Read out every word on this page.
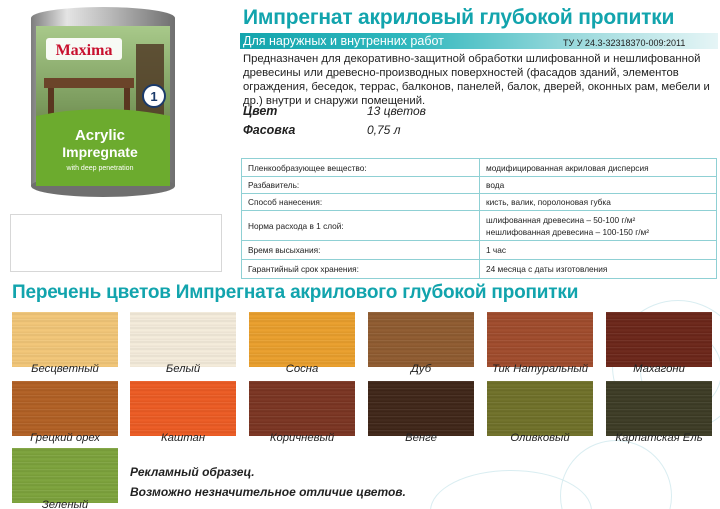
Maxima
1
Acrylic
Impregnate
with deep penetration
Импрегнат акриловый глубокой пропитки
Для наружных и внутренних работ	ТУ У 24.3-32318370-009:2011

Предназначен для декоративно-защитной обработки шлифованной и нешлифованной древесины или древесно-производных поверхностей (фасадов зданий, элементов ограждения, беседок, террас, балконов, панелей, балок, дверей, оконных рам, мебели и др.) внутри и снаружи помещений.

Цвет	13 цветов
Фасовка	0,75 л
Пленкообразующее вещество:	модифицированная акриловая дисперсия
Разбавитель:	вода
Способ нанесения:	кисть, валик, поролоновая губка
Норма расхода в 1 слой:	шлифованная древесина – 50-100 г/м²
нешлифованная древесина – 100-150 г/м²

Время высыхания:	1 час
Гарантийный срок хранения:	24 месяца с даты изготовления
Перечень цветов Импрегната акрилового глубокой пропитки
Бесцветный	Белый	Сосна	Дуб	Тик Натуральный	Махагони
Грецкий орех	Каштан	Коричневый	Венге	Оливковый	Карпатская Ель
Зеленый
Рекламный образец.
Возможно незначительное отличие цветов.
